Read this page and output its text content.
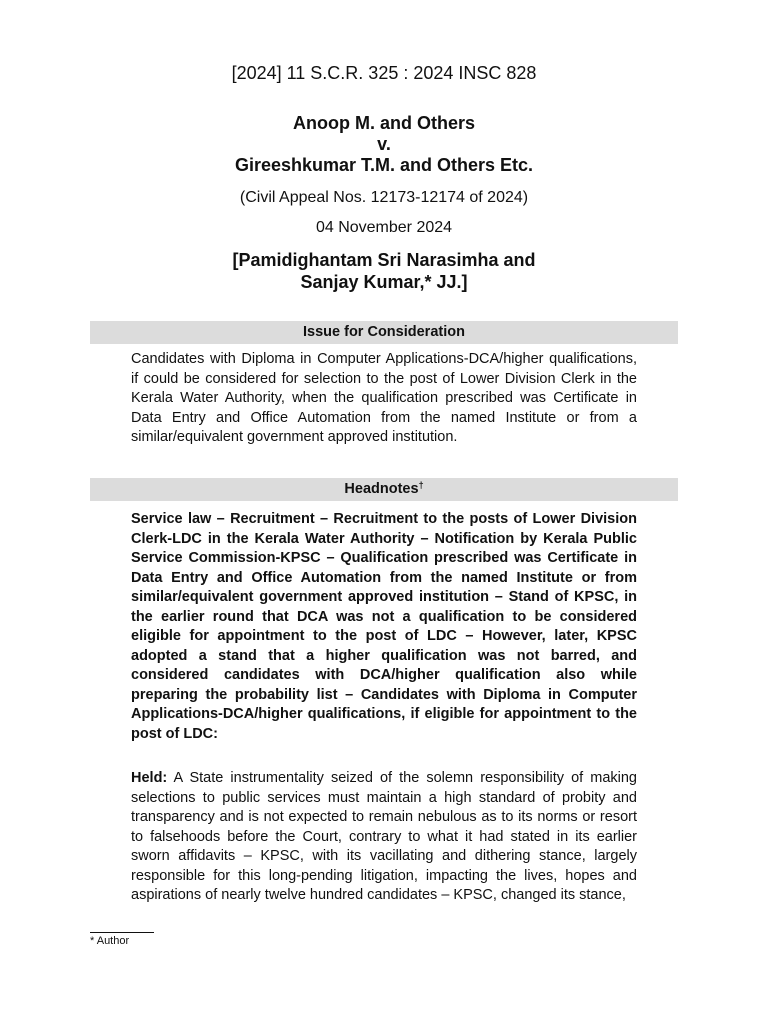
[2024] 11 S.C.R. 325 : 2024 INSC 828
Anoop M. and Others
v.
Gireeshkumar T.M. and Others Etc.
(Civil Appeal Nos. 12173-12174 of 2024)
04 November 2024
[Pamidighantam Sri Narasimha and
Sanjay Kumar,* JJ.]
Issue for Consideration
Candidates with Diploma in Computer Applications-DCA/higher qualifications, if could be considered for selection to the post of Lower Division Clerk in the Kerala Water Authority, when the qualification prescribed was Certificate in Data Entry and Office Automation from the named Institute or from a similar/equivalent government approved institution.
Headnotes†
Service law – Recruitment – Recruitment to the posts of Lower Division Clerk-LDC in the Kerala Water Authority – Notification by Kerala Public Service Commission-KPSC – Qualification prescribed was Certificate in Data Entry and Office Automation from the named Institute or from similar/equivalent government approved institution – Stand of KPSC, in the earlier round that DCA was not a qualification to be considered eligible for appointment to the post of LDC – However, later, KPSC adopted a stand that a higher qualification was not barred, and considered candidates with DCA/higher qualification also while preparing the probability list – Candidates with Diploma in Computer Applications-DCA/higher qualifications, if eligible for appointment to the post of LDC:
Held: A State instrumentality seized of the solemn responsibility of making selections to public services must maintain a high standard of probity and transparency and is not expected to remain nebulous as to its norms or resort to falsehoods before the Court, contrary to what it had stated in its earlier sworn affidavits – KPSC, with its vacillating and dithering stance, largely responsible for this long-pending litigation, impacting the lives, hopes and aspirations of nearly twelve hundred candidates – KPSC, changed its stance,
* Author
